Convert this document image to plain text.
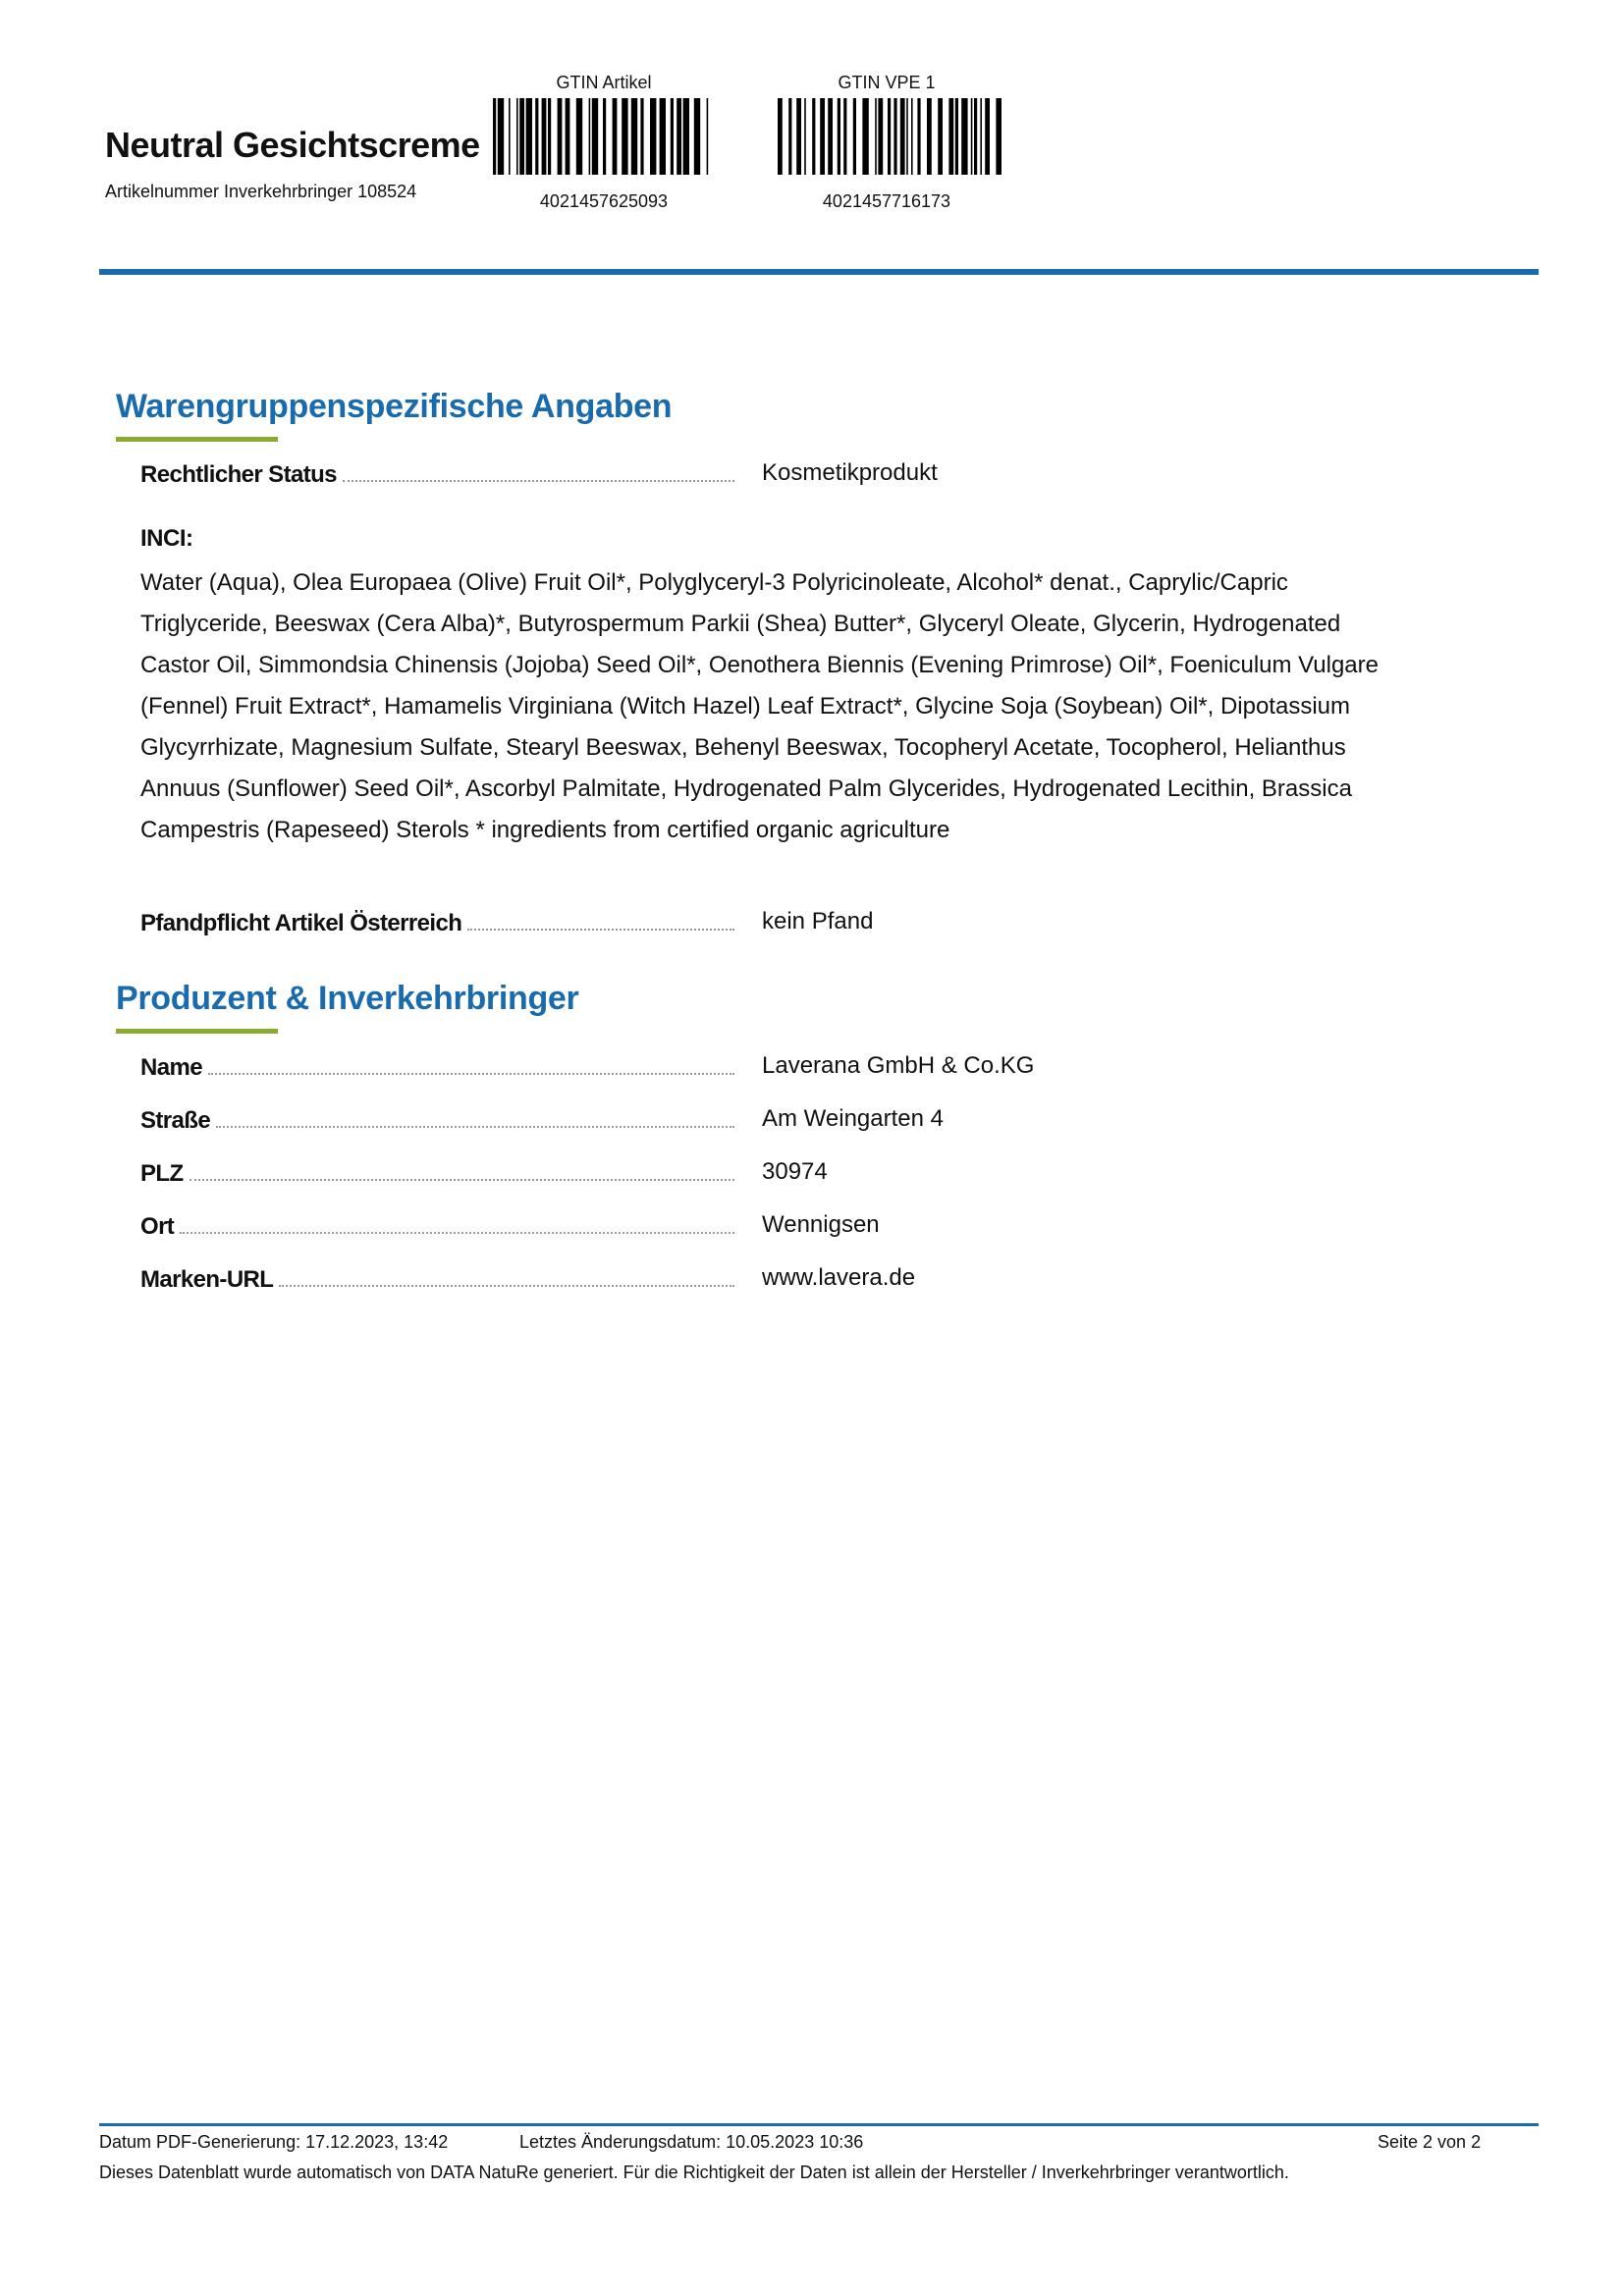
Neutral Gesichtscreme
Artikelnummer Inverkehrbringer 108524
GTIN Artikel
4021457625093
GTIN VPE 1
4021457716173
Warengruppenspezifische Angaben
Rechtlicher Status	Kosmetikprodukt
INCI:
Water (Aqua), Olea Europaea (Olive) Fruit Oil*, Polyglyceryl-3 Polyricinoleate, Alcohol* denat., Caprylic/Capric Triglyceride, Beeswax (Cera Alba)*, Butyrospermum Parkii (Shea) Butter*, Glyceryl Oleate, Glycerin, Hydrogenated Castor Oil, Simmondsia Chinensis (Jojoba) Seed Oil*, Oenothera Biennis (Evening Primrose) Oil*, Foeniculum Vulgare (Fennel) Fruit Extract*, Hamamelis Virginiana (Witch Hazel) Leaf Extract*, Glycine Soja (Soybean) Oil*, Dipotassium Glycyrrhizate, Magnesium Sulfate, Stearyl Beeswax, Behenyl Beeswax, Tocopheryl Acetate, Tocopherol, Helianthus Annuus (Sunflower) Seed Oil*, Ascorbyl Palmitate, Hydrogenated Palm Glycerides, Hydrogenated Lecithin, Brassica Campestris (Rapeseed) Sterols * ingredients from certified organic agriculture
Pfandpflicht Artikel Österreich	kein Pfand
Produzent & Inverkehrbringer
Name	Laverana GmbH & Co.KG
Straße	Am Weingarten 4
PLZ	30974
Ort	Wennigsen
Marken-URL	www.lavera.de
Datum PDF-Generierung: 17.12.2023, 13:42	Letztes Änderungsdatum: 10.05.2023 10:36	Seite 2 von 2
Dieses Datenblatt wurde automatisch von DATA NatuRe generiert. Für die Richtigkeit der Daten ist allein der Hersteller / Inverkehrbringer verantwortlich.
